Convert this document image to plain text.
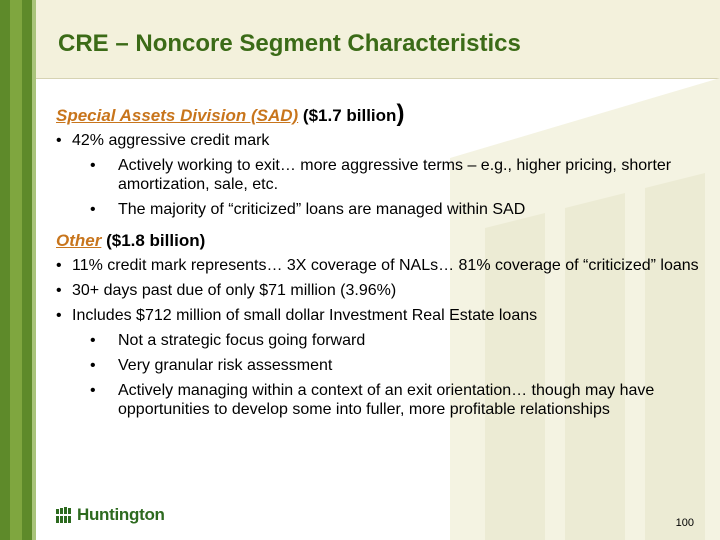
CRE – Noncore Segment Characteristics
Special Assets Division (SAD) ($1.7 billion)
• 42% aggressive credit mark
• Actively working to exit… more aggressive terms – e.g., higher pricing, shorter amortization, sale, etc.
• The majority of “criticized” loans are managed within SAD
Other ($1.8 billion)
• 11% credit mark represents… 3X coverage of NALs… 81% coverage of “criticized” loans
• 30+ days past due of only $71 million (3.96%)
• Includes $712 million of small dollar Investment Real Estate loans
• Not a strategic focus going forward
• Very granular risk assessment
• Actively managing within a context of an exit orientation… though may have opportunities to develop some into fuller, more profitable relationships
Huntington	100
